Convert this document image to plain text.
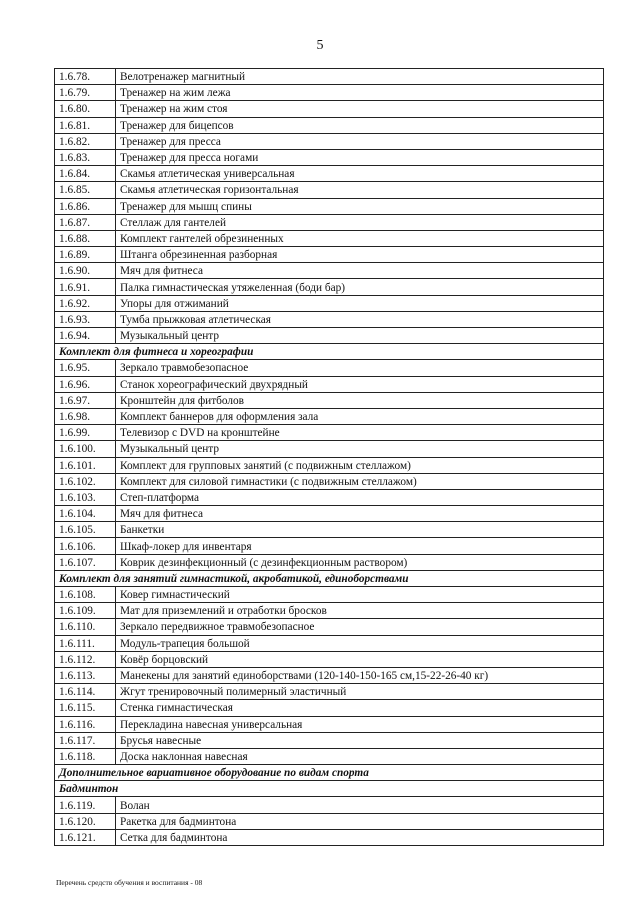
5
1.6.78.	Велотренажер магнитный
1.6.79.	Тренажер на жим лежа
1.6.80.	Тренажер на жим стоя
1.6.81.	Тренажер для бицепсов
1.6.82.	Тренажер для пресса
1.6.83.	Тренажер для пресса ногами
1.6.84.	Скамья атлетическая универсальная
1.6.85.	Скамья атлетическая горизонтальная
1.6.86.	Тренажер для мышц спины
1.6.87.	Стеллаж для гантелей
1.6.88.	Комплект гантелей обрезиненных
1.6.89.	Штанга обрезиненная разборная
1.6.90.	Мяч для фитнеса
1.6.91.	Палка гимнастическая утяжеленная (боди бар)
1.6.92.	Упоры для отжиманий
1.6.93.	Тумба прыжковая атлетическая
1.6.94.	Музыкальный центр
Комплект для фитнеса и хореографии	
1.6.95.	Зеркало травмобезопасное
1.6.96.	Станок хореографический двухрядный
1.6.97.	Кронштейн для фитболов
1.6.98.	Комплект баннеров для оформления зала
1.6.99.	Телевизор с DVD на кронштейне
1.6.100.	Музыкальный центр
1.6.101.	Комплект для групповых занятий (с подвижным стеллажом)
1.6.102.	Комплект для силовой гимнастики (с подвижным стеллажом)
1.6.103.	Степ-платформа
1.6.104.	Мяч для фитнеса
1.6.105.	Банкетки
1.6.106.	Шкаф-локер для инвентаря
1.6.107.	Коврик дезинфекционный (с дезинфекционным раствором)
Комплект для занятий гимнастикой, акробатикой, единоборствами	
1.6.108.	Ковер гимнастический
1.6.109.	Мат для приземлений и отработки бросков
1.6.110.	Зеркало передвижное травмобезопасное
1.6.111.	Модуль-трапеция большой
1.6.112.	Ковёр борцовский
1.6.113.	Манекены для занятий единоборствами (120-140-150-165 см,15-22-26-40 кг)
1.6.114.	Жгут тренировочный полимерный эластичный
1.6.115.	Стенка гимнастическая
1.6.116.	Перекладина навесная универсальная
1.6.117.	Брусья навесные
1.6.118.	Доска наклонная навесная
Дополнительное вариативное оборудование по видам спорта	
Бадминтон	
1.6.119.	Волан
1.6.120.	Ракетка для бадминтона
1.6.121.	Сетка для бадминтона
Перечень средств обучения и воспитания - 08
